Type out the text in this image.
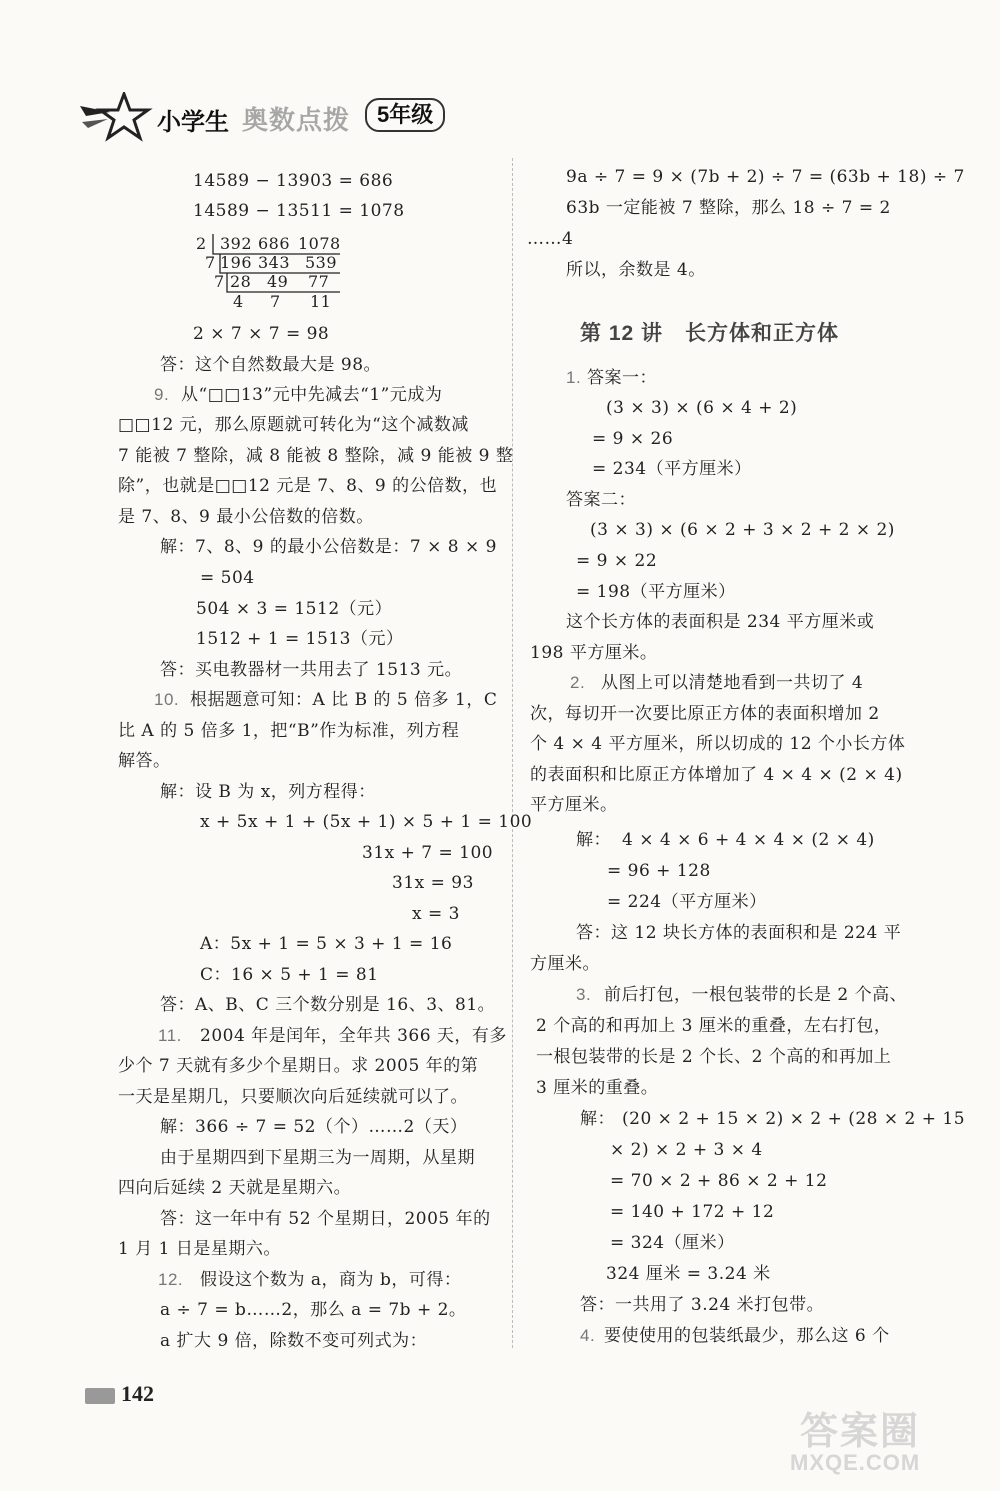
小学生 奥数点拨	5年级
14589 − 13903 = 686
14589 − 13511 = 1078
2 392 686 1078
7 196 343 539
7 28 49 77
4 7 11
2 × 7 × 7 = 98
答：这个自然数最大是 98。
9. 从“□□13”元中先减去“1”元成为
□□12 元，那么原题就可转化为“这个减数减
7 能被 7 整除，减 8 能被 8 整除，减 9 能被 9 整
除”，也就是□□12 元是 7、8、9 的公倍数，也
是 7、8、9 最小公倍数的倍数。
解：7、8、9 的最小公倍数是：7 × 8 × 9
= 504
504 × 3 = 1512（元）
1512 + 1 = 1513（元）
答：买电教器材一共用去了 1513 元。
10. 根据题意可知：A 比 B 的 5 倍多 1，C
比 A 的 5 倍多 1，把“B”作为标准，列方程
解答。
解：设 B 为 x，列方程得：
x + 5x + 1 + (5x + 1) × 5 + 1 = 100
31x + 7 = 100
31x = 93
x = 3
A：5x + 1 = 5 × 3 + 1 = 16
C：16 × 5 + 1 = 81
答：A、B、C 三个数分别是 16、3、81。
11. 2004 年是闰年，全年共 366 天，有多
少个 7 天就有多少个星期日。求 2005 年的第
一天是星期几，只要顺次向后延续就可以了。
解：366 ÷ 7 = 52（个）……2（天）
由于星期四到下星期三为一周期，从星期
四向后延续 2 天就是星期六。
答：这一年中有 52 个星期日，2005 年的
1 月 1 日是星期六。
12. 假设这个数为 a，商为 b，可得：
a ÷ 7 = b……2，那么 a = 7b + 2。
a 扩大 9 倍，除数不变可列式为：
9a ÷ 7 = 9 × (7b + 2) ÷ 7 = (63b + 18) ÷ 7
63b 一定能被 7 整除，那么 18 ÷ 7 = 2
……4
所以，余数是 4。
第 12 讲　长方体和正方体
1. 答案一：
(3 × 3) × (6 × 4 + 2)
= 9 × 26
= 234（平方厘米）
答案二：
(3 × 3) × (6 × 2 + 3 × 2 + 2 × 2)
= 9 × 22
= 198（平方厘米）
这个长方体的表面积是 234 平方厘米或
198 平方厘米。
2. 从图上可以清楚地看到一共切了 4
次，每切开一次要比原正方体的表面积增加 2
个 4 × 4 平方厘米，所以切成的 12 个小长方体
的表面积和比原正方体增加了 4 × 4 × (2 × 4)
平方厘米。
解： 4 × 4 × 6 + 4 × 4 × (2 × 4)
= 96 + 128
= 224（平方厘米）
答：这 12 块长方体的表面积和是 224 平
方厘米。
3. 前后打包，一根包装带的长是 2 个高、
2 个高的和再加上 3 厘米的重叠，左右打包，
一根包装带的长是 2 个长、2 个高的和再加上
3 厘米的重叠。
解： (20 × 2 + 15 × 2) × 2 + (28 × 2 + 15
× 2) × 2 + 3 × 4
= 70 × 2 + 86 × 2 + 12
= 140 + 172 + 12
= 324（厘米）
324 厘米 = 3.24 米
答：一共用了 3.24 米打包带。
4. 要使使用的包装纸最少，那么这 6 个
142
答案圈
MXQE.COM
